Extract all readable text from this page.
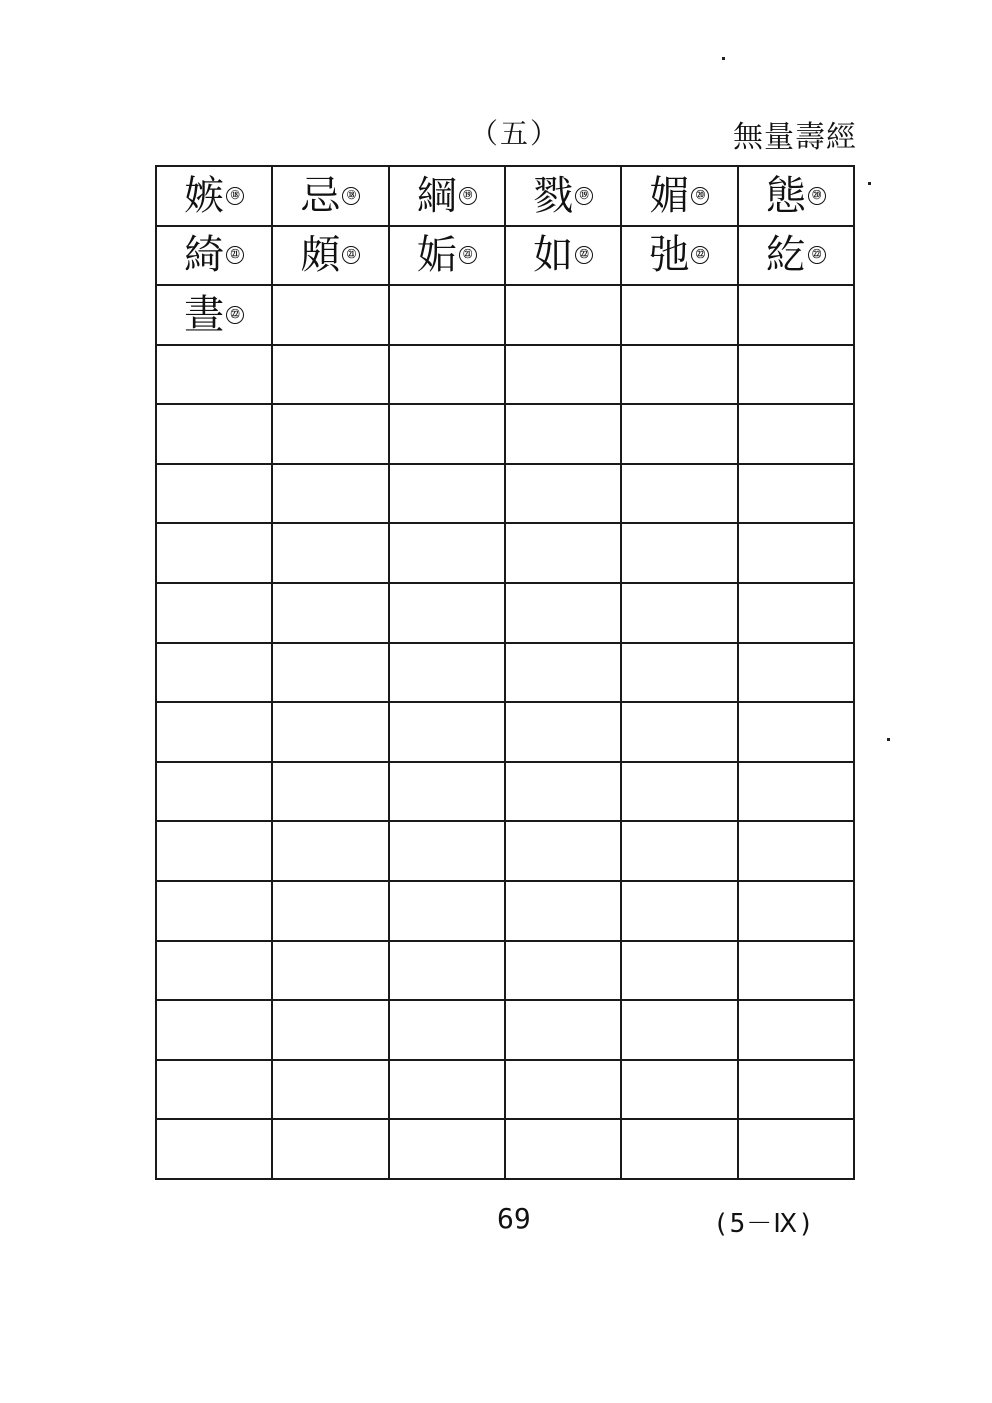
（五）	無量壽經
嫉 ⑱	忌 ⑱	綱 ⑲	戮 ⑲	媚 ⑳	態 ⑳
綺 ㉑	頗 ㉑	姤 ㉑	如 ㉒	弛 ㉒	紇 ㉒
晝 ㉒					

69	(5－Ⅸ)
